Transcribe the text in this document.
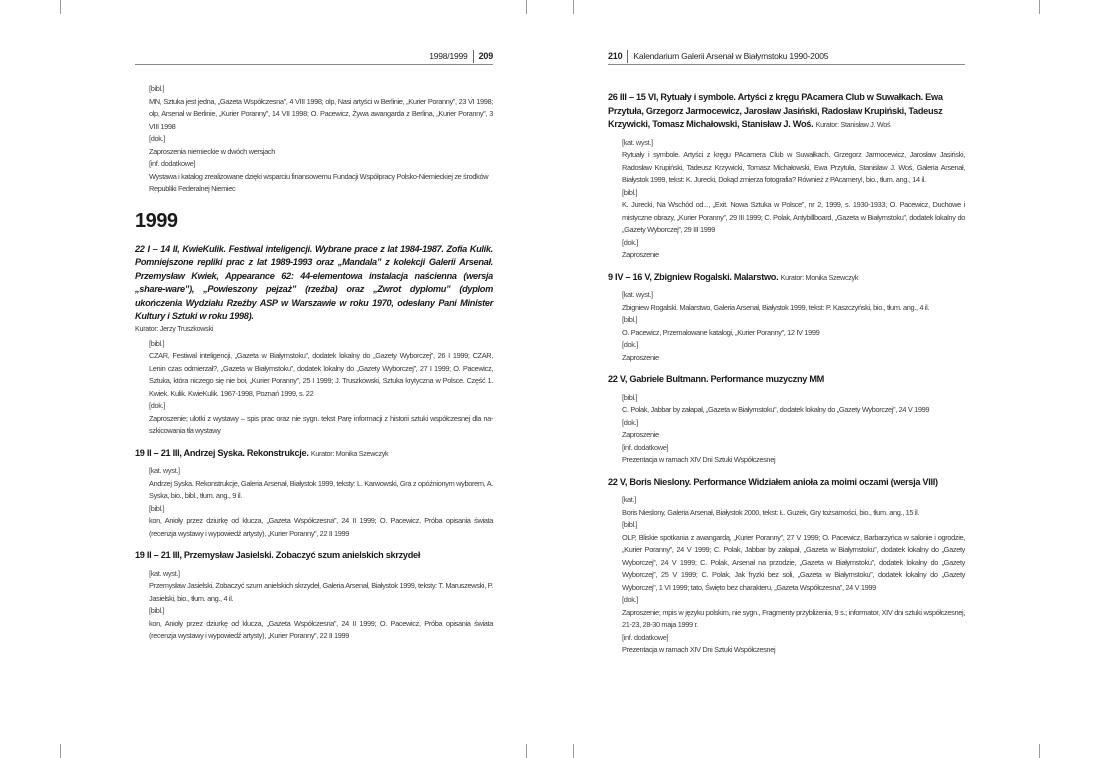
1998/1999 209

[bibl.]

MN, Sztuka jest jedna, „Gazeta Współczesna”, 4 VIII 1998; olp, Nasi artyści w Berlinie, „Kurier Poranny”, 23 VI 1998; olp, Arsenał w Berlinie, „Kurier Poranny”, 14 VII 1998; O. Pacewicz, Żywa awangarda z Berlina, „Kurier Poranny”, 3 VIII 1998

[dok.]

Zaproszenia niemieckie w dwóch wersjach

[inf. dodatkowe]

Wystawa i katalog zrealizowane dzięki wsparciu finansowemu Fundacji Współpracy Polsko-Niemieckiej ze środków Republiki Federalnej Niemiec

1999
22 I – 14 II, KwieKulik. Festiwal inteligencji. Wybrane prace z lat 1984-1987. Zofia Kulik. Pomniejszone repliki prac z lat 1989-1993 oraz „Mandala” z kolekcji Galerii Arsenał. Przemysław Kwiek, Appearance 62: 44-elementowa instalacja naścienna (wersja „share-ware”), „Powieszony pejzaż” (rzeźba) oraz „Zwrot dyplomu” (dyplom ukończenia Wydziału Rzeźby ASP w Warszawie w roku 1970, odesłany Pani Minister Kultury i Sztuki w roku 1998).
Kurator: Jerzy Truszkowski

[bibl.]

CZAR, Festiwal inteligencji, „Gazeta w Białymstoku”, dodatek lokalny do „Gazety Wyborczej”, 26 I 1999; CZAR, Lenin czas odmierzał?, „Gazeta w Białymstoku”, dodatek lokalny do „Gazety Wyborczej”, 27 I 1999; O. Pacewicz, Sztuka, która niczego się nie boi, „Kurier Poranny”, 25 I 1999; J. Truszkowski, Sztuka krytyczna w Polsce. Część 1. Kwiek. Kulik. KwieKulik. 1967-1998, Poznań 1999, s. 22

[dok.]

Zaproszenie; ulotki z wystawy – spis prac oraz nie sygn. tekst Parę informacji z historii sztuki współczesnej dla na-szkicowania tła wystawy

19 II – 21 III, Andrzej Syska. Rekonstrukcje. Kurator: Monika Szewczyk

[kat. wyst.]

Andrzej Syska. Rekonstrukcje, Galeria Arsenał, Białystok 1999, teksty: L. Karwowski, Gra z opóźnionym wyborem, A. Syska, bio., bibl., tłum. ang., 9 il.

[bibl.]

kon, Anioły przez dziurkę od klucza, „Gazeta Współczesna”, 24 II 1999; O. Pacewicz, Próba opisania świata (recenzja wystawy i wypowiedź artysty), „Kurier Poranny”, 22 II 1999

19 II – 21 III, Przemysław Jasielski. Zobaczyć szum anielskich skrzydeł

[kat. wyst.]

Przemysław Jasielski. Zobaczyć szum anielskich skrzydeł, Galeria Arsenał, Białystok 1999, teksty: T. Maruszewski, P. Jasielski, bio., tłum. ang., 4 il.

[bibl.]

kon, Anioły przez dziurkę od klucza, „Gazeta Współczesna”, 24 II 1999; O. Pacewicz, Próba opisania świata (recenzja wystawy i wypowiedź artysty), „Kurier Poranny”, 22 II 1999

210 Kalendarium Galerii Arsenał w Białymstoku 1990-2005
26 III – 15 VI, Rytuały i symbole. Artyści z kręgu PAcamera Club w Suwałkach. Ewa Przytuła, Grzegorz Jarmocewicz, Jarosław Jasiński, Radosław Krupiński, Tadeusz Krzywicki, Tomasz Michałowski, Stanisław J. Woś. Kurator: Stanisław J. Woś

[kat. wyst.]

Rytuały i symbole. Artyści z kręgu PAcamera Club w Suwałkach. Grzegorz Jarmocewicz, Jarosław Jasiński, Radosław Krupiński, Tadeusz Krzywicki, Tomasz Michałowski, Ewa Przytuła, Stanisław J. Woś, Galeria Arsenał, Białystok 1999, tekst: K. Jurecki, Dokąd zmierza fotografia? Również z PAcamery!, bio., tłum. ang., 14 il.

[bibl.]

K. Jurecki, Na Wschód od..., „Exit. Nowa Sztuka w Polsce”, nr 2, 1999, s. 1930-1933; O. Pacewicz, Duchowe i mistyczne obrazy, „Kurier Poranny”, 29 III 1999; C. Polak, Antybillboard, „Gazeta w Białymstoku”, dodatek lokalny do „Gazety Wyborczej”, 29 III 1999

[dok.]

Zaproszenie

9 IV – 16 V, Zbigniew Rogalski. Malarstwo. Kurator: Monika Szewczyk

[kat. wyst.]

Zbigniew Rogalski. Malarstwo, Galeria Arsenał, Białystok 1999, tekst: P. Kaszczyński, bio., tłum. ang., 4 il.

[bibl.]

O. Pacewicz, Przemalowane katalogi, „Kurier Poranny”, 12 IV 1999

[dok.]

Zaproszenie

22 V, Gabriele Bultmann. Performance muzyczny MM

[bibl.]

C. Polak, Jabbar by załapał, „Gazeta w Białymstoku”, dodatek lokalny do „Gazety Wyborczej”, 24 V 1999

[dok.]

Zaproszenie

[inf. dodatkowe]

Prezentacja w ramach XIV Dni Sztuki Współczesnej

22 V, Boris Nieslony. Performance Widziałem anioła za moimi oczami (wersja VIII)

[kat.]

Boris Nieslony, Galeria Arsenał, Białystok 2000, tekst: Ł. Guzek, Gry tożsamości, bio., tłum. ang., 15 il.

[bibl.]

OLP, Bliskie spotkania z awangardą, „Kurier Poranny”, 27 V 1999; O. Pacewicz, Barbarzyńca w salonie i ogrodzie, „Kurier Poranny”, 24 V 1999; C. Polak, Jabbar by załapał, „Gazeta w Białymstoku”, dodatek lokalny do „Gazety Wyborczej”, 24 V 1999; C. Polak, Arsenał na przodzie, „Gazeta w Białymstoku”, dodatek lokalny do „Gazety Wyborczej”, 25 V 1999; C. Polak, Jak fryzki bez soli, „Gazeta w Białymstoku”, dodatek lokalny do „Gazety Wyborczej”, 1 VI 1999; tato, Święto bez charakteru, „Gazeta Współczesna”, 24 V 1999

[dok.]

Zaproszenie; mpis w języku polskim, nie sygn., Fragmenty przybliżenia, 9 s.; informator, XIV dni sztuki współczesnej, 21-23, 28-30 maja 1999 r.

[inf. dodatkowe]

Prezentacja w ramach XIV Dni Sztuki Współczesnej
